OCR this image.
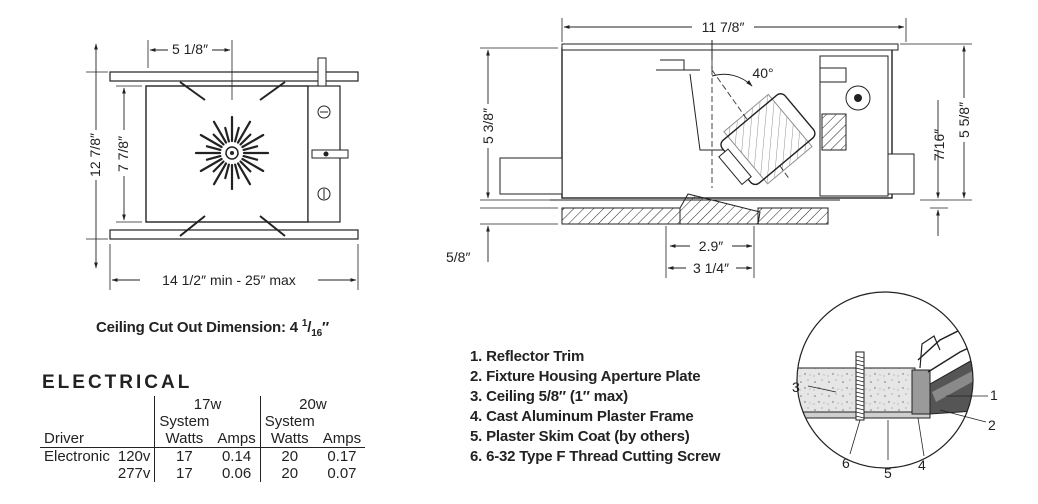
5 1/8″
12 7/8″ 7 7/8″
14 1/2″ min - 25″ max
11 7/8″
40°
5 3/8″
5/8″
5 5/8″
7/16″
2.9″
3 1/4″
3	1
2
6
5 4
Ceiling Cut Out Dimension: 4 $^1/_{16}''$
ELECTRICAL
		17w		20w	
		System		System	
Driver		Watts	Amps	Watts	Amps
Electronic	120v	17	0.14	20	0.17
	277v	17	0.06	20	0.07
1. Reflector Trim
2. Fixture Housing Aperture Plate
3. Ceiling 5/8″ (1″ max)
4. Cast Aluminum Plaster Frame
5. Plaster Skim Coat (by others)
6. 6-32 Type F Thread Cutting Screw
